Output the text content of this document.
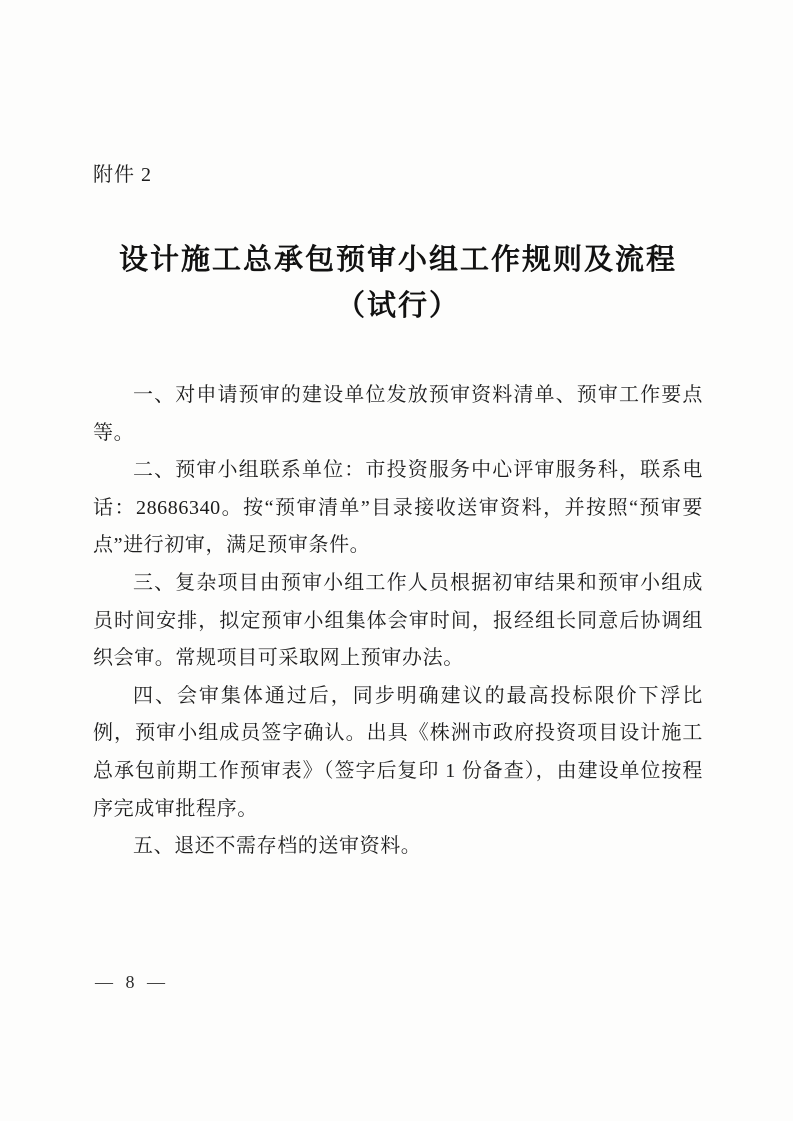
附件 2
设计施工总承包预审小组工作规则及流程
（试行）

一、对申请预审的建设单位发放预审资料清单、预审工作要点等。

二、预审小组联系单位：市投资服务中心评审服务科，联系电话：28686340。按“预审清单”目录接收送审资料，并按照“预审要点”进行初审，满足预审条件。

三、复杂项目由预审小组工作人员根据初审结果和预审小组成员时间安排，拟定预审小组集体会审时间，报经组长同意后协调组织会审。常规项目可采取网上预审办法。

四、会审集体通过后，同步明确建议的最高投标限价下浮比例，预审小组成员签字确认。出具《株洲市政府投资项目设计施工总承包前期工作预审表》（签字后复印 1 份备查），由建设单位按程序完成审批程序。

五、退还不需存档的送审资料。

— 8 —
